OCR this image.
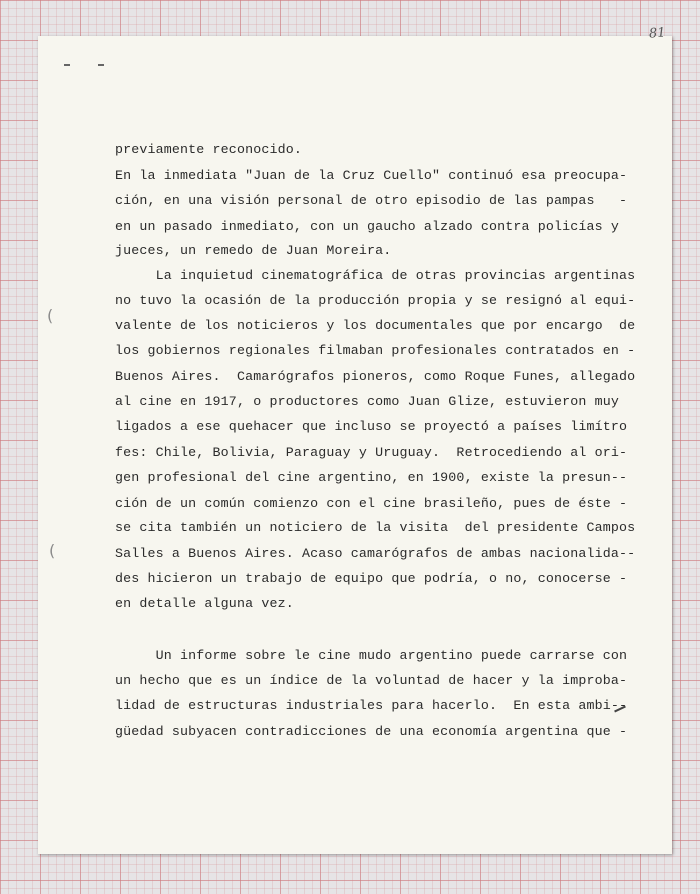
81
(
(
previamente reconocido.
En la inmediata "Juan de la Cruz Cuello" continuó esa preocupa-
ción, en una visión personal de otro episodio de las pampas   -
en un pasado inmediato, con un gaucho alzado contra policías y
jueces, un remedo de Juan Moreira.
La inquietud cinematográfica de otras provincias argentinas
no tuvo la ocasión de la producción propia y se resignó al equi-
valente de los noticieros y los documentales que por encargo  de
los gobiernos regionales filmaban profesionales contratados en -
Buenos Aires.  Camarógrafos pioneros, como Roque Funes, allegado
al cine en 1917, o productores como Juan Glize, estuvieron muy
ligados a ese quehacer que incluso se proyectó a países limítro
fes: Chile, Bolivia, Paraguay y Uruguay.  Retrocediendo al ori-
gen profesional del cine argentino, en 1900, existe la presun--
ción de un común comienzo con el cine brasileño, pues de éste -
se cita también un noticiero de la visita  del presidente Campos
Salles a Buenos Aires. Acaso camarógrafos de ambas nacionalida--
des hicieron un trabajo de equipo que podría, o no, conocerse -
en detalle alguna vez.
Un informe sobre le cine mudo argentino puede carrarse con
un hecho que es un índice de la voluntad de hacer y la improba-
lidad de estructuras industriales para hacerlo.  En esta ambi--
güedad subyacen contradicciones de una economía argentina que -
